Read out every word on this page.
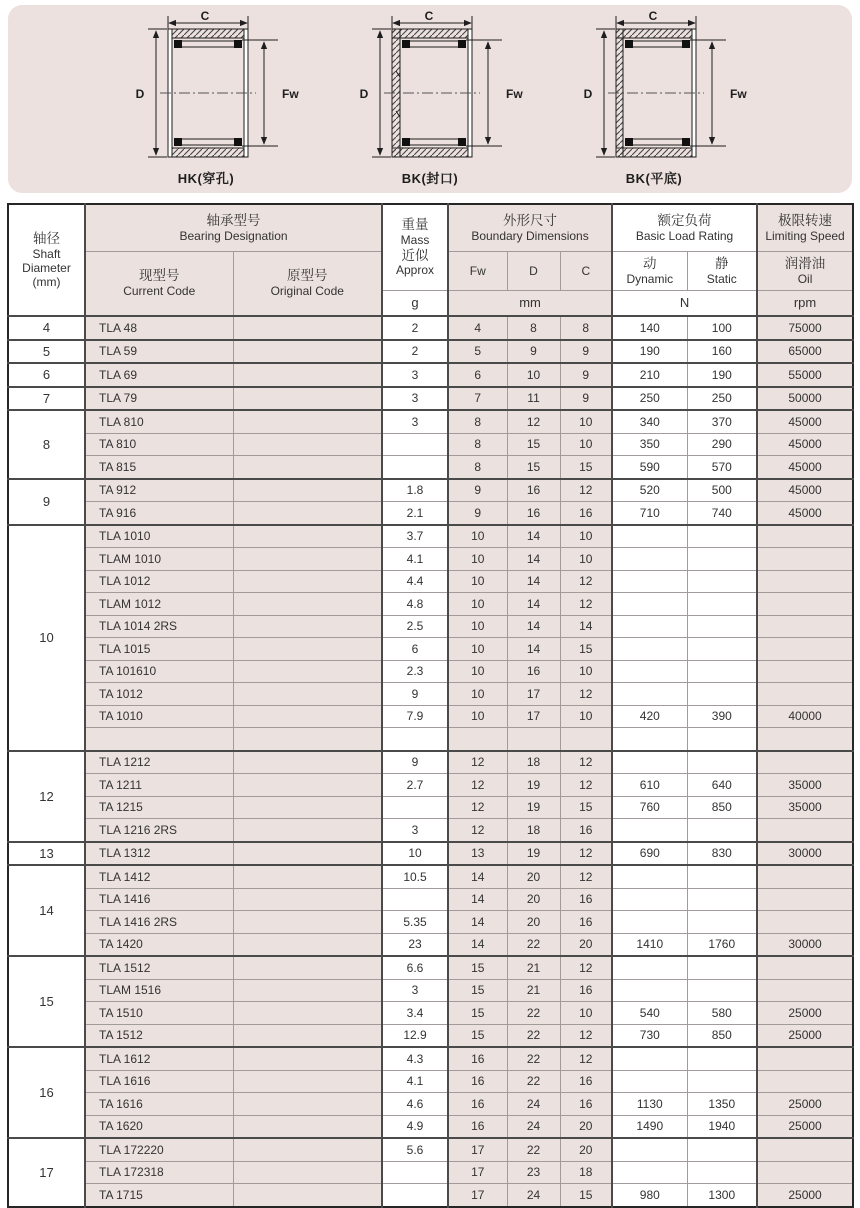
C
D	Fw
HK(穿孔)
C
D	Fw
BK(封口)
C
D	Fw
BK(平底)
轴径
Shaft
Diameter
(mm)

轴承型号
Bearing Designation

重量
Mass
近似
Approx

外形尺寸
Boundary Dimensions

额定负荷
Basic Load Rating

极限转速
Limiting Speed

现型号
Current Code

原型号
Original Code
	Fw	D	C	动
Dynamic

静
Static

润滑油
Oil

			g	mm			N		rpm
4	TLA 48		2	4	8	8	140	100	75000
5	TLA 59		2	5	9	9	190	160	65000
6	TLA 69		3	6	10	9	210	190	55000
7	TLA 79		3	7	11	9	250	250	50000
8	TLA 810		3	8	12	10	340	370	45000
	TA 810			8	15	10	350	290	45000
	TA 815			8	15	15	590	570	45000
9	TA 912		1.8	9	16	12	520	500	45000
	TA 916		2.1	9	16	16	710	740	45000
10	TLA 1010		3.7	10	14	10			
	TLAM 1010		4.1	10	14	10			
	TLA 1012		4.4	10	14	12			
	TLAM 1012		4.8	10	14	12			
	TLA 1014 2RS		2.5	10	14	14			
	TLA 1015		6	10	14	15			
	TA 101610		2.3	10	16	10			
	TA 1012		9	10	17	12			
	TA 1010		7.9	10	17	10	420	390	40000

12	TLA 1212		9	12	18	12			
	TA 1211		2.7	12	19	12	610	640	35000
	TA 1215			12	19	15	760	850	35000
	TLA 1216 2RS		3	12	18	16			
13	TLA 1312		10	13	19	12	690	830	30000
14	TLA 1412		10.5	14	20	12			
	TLA 1416			14	20	16			
	TLA 1416 2RS		5.35	14	20	16			
	TA 1420		23	14	22	20	1410	1760	30000
15	TLA 1512		6.6	15	21	12			
	TLAM 1516		3	15	21	16			
	TA 1510		3.4	15	22	10	540	580	25000
	TA 1512		12.9	15	22	12	730	850	25000
16	TLA 1612		4.3	16	22	12			
	TLA 1616		4.1	16	22	16			
	TA 1616		4.6	16	24	16	1130	1350	25000
	TA 1620		4.9	16	24	20	1490	1940	25000
17	TLA 172220		5.6	17	22	20			
	TLA 172318			17	23	18			
	TA 1715			17	24	15	980	1300	25000
